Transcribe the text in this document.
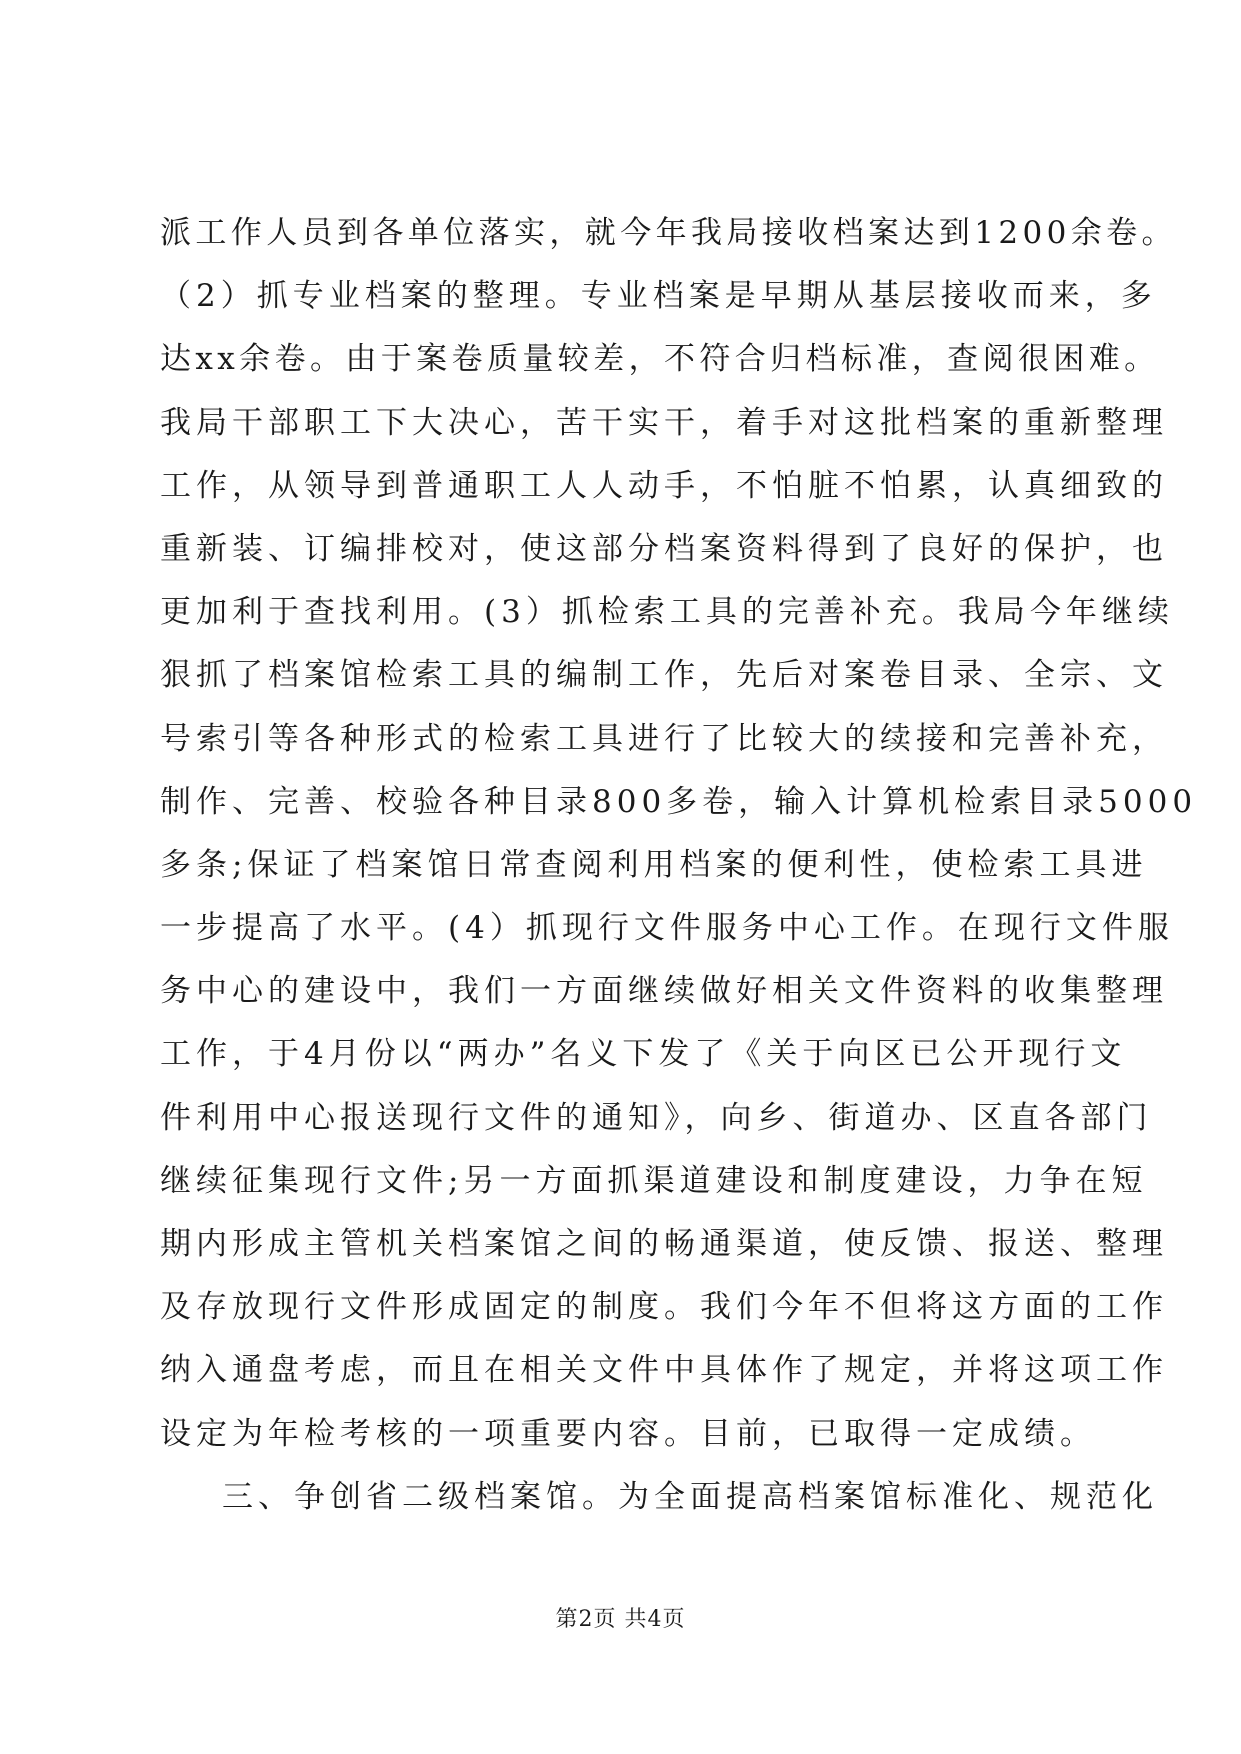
派工作人员到各单位落实，就今年我局接收档案达到1200余卷。
（2）抓专业档案的整理。专业档案是早期从基层接收而来，多
达xx余卷。由于案卷质量较差，不符合归档标准，查阅很困难。
我局干部职工下大决心，苦干实干，着手对这批档案的重新整理
工作，从领导到普通职工人人动手，不怕脏不怕累，认真细致的
重新装、订编排校对，使这部分档案资料得到了良好的保护，也
更加利于查找利用。(3）抓检索工具的完善补充。我局今年继续
狠抓了档案馆检索工具的编制工作，先后对案卷目录、全宗、文
号索引等各种形式的检索工具进行了比较大的续接和完善补充，
制作、完善、校验各种目录800多卷，输入计算机检索目录5000
多条;保证了档案馆日常查阅利用档案的便利性，使检索工具进
一步提高了水平。(4）抓现行文件服务中心工作。在现行文件服
务中心的建设中，我们一方面继续做好相关文件资料的收集整理
工作，于4月份以“两办”名义下发了《关于向区已公开现行文
件利用中心报送现行文件的通知》，向乡、街道办、区直各部门
继续征集现行文件;另一方面抓渠道建设和制度建设，力争在短
期内形成主管机关档案馆之间的畅通渠道，使反馈、报送、整理
及存放现行文件形成固定的制度。我们今年不但将这方面的工作
纳入通盘考虑，而且在相关文件中具体作了规定，并将这项工作
设定为年检考核的一项重要内容。目前，已取得一定成绩。
三、争创省二级档案馆。为全面提高档案馆标准化、规范化
第2页 共4页
